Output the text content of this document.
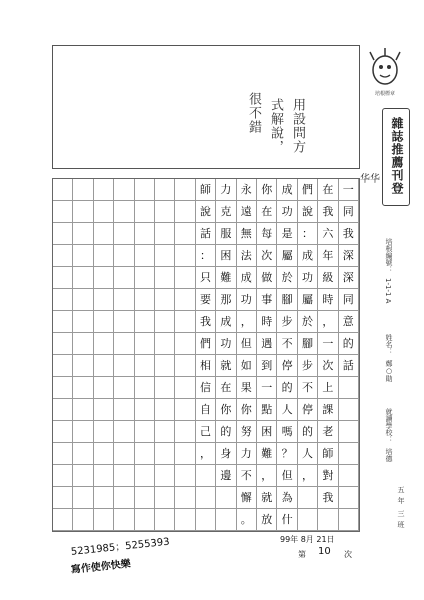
用設問方
式解說，
很不錯	培根標章
雜誌推薦刊登
华华
培根編號：
1-1-1 A
姓名：
鄭○勛
就讀學校：
培德
五
年
三
班
一
同
我
深
深
同
意
的
話
在
我
六
年
級
時
，
一
次
上
課
老
師
對
我
們
說
：
成
功
屬
於
腳
步
不
停
的
人
，
成
功
是
屬
於
腳
步
不
停
的
人
嗎
？
但
為
什
你
在
每
次
做
事
時
遇
到
一
點
困
難
，
就
放
永
遠
無
法
成
功
，
但
如
果
你
努
力
不
懈
。
力
克
服
困
難
那
成
功
就
在
你
的
身
邊
師
說
話
：
只
要
我
們
相
信
自
己
，
5231985；5255393
寫作使你快樂
99年 8月 21日
第 10 次
